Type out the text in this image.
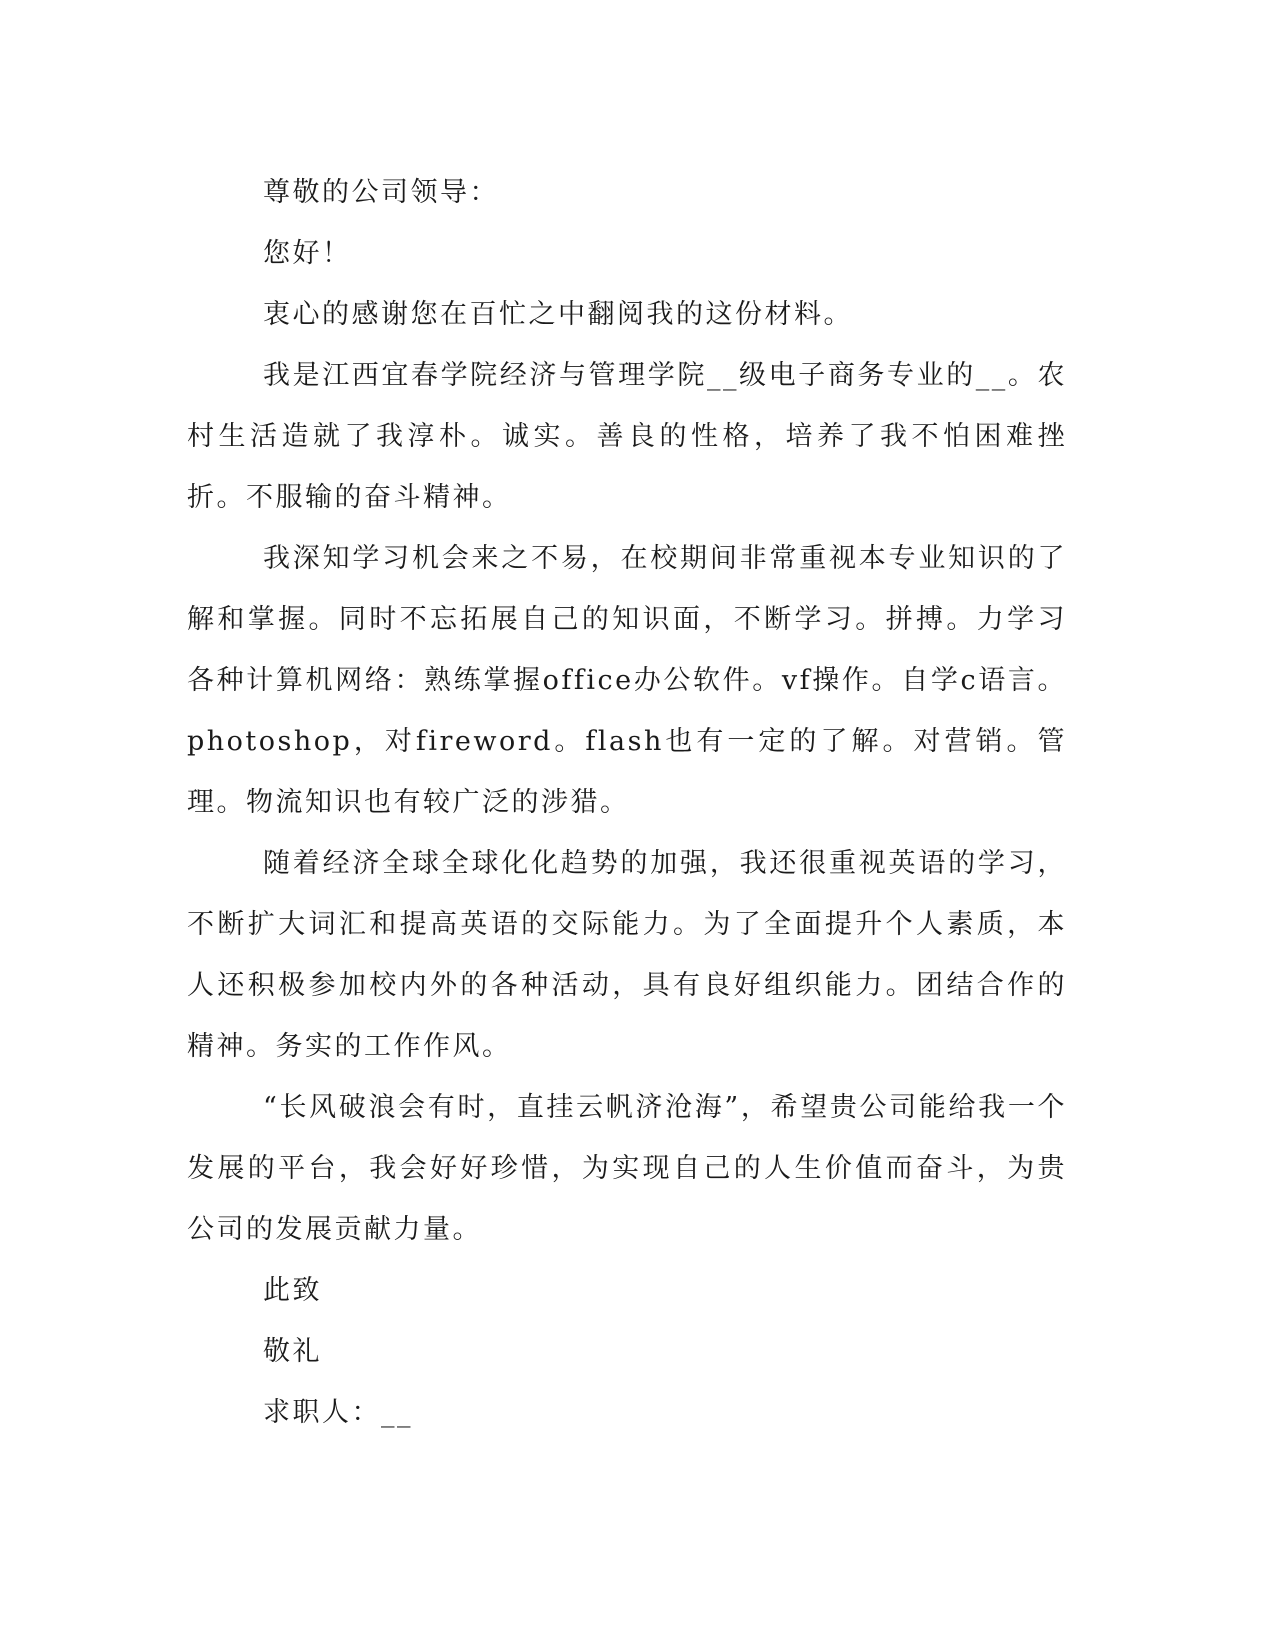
尊敬的公司领导：

您好！

衷心的感谢您在百忙之中翻阅我的这份材料。

我是江西宜春学院经济与管理学院__级电子商务专业的__。农村生活造就了我淳朴。诚实。善良的性格，培养了我不怕困难挫折。不服输的奋斗精神。

我深知学习机会来之不易，在校期间非常重视本专业知识的了解和掌握。同时不忘拓展自己的知识面，不断学习。拼搏。力学习各种计算机网络：熟练掌握office办公软件。vf操作。自学c语言。photoshop，对fireword。flash也有一定的了解。对营销。管理。物流知识也有较广泛的涉猎。

随着经济全球全球化化趋势的加强，我还很重视英语的学习，不断扩大词汇和提高英语的交际能力。为了全面提升个人素质，本人还积极参加校内外的各种活动，具有良好组织能力。团结合作的精神。务实的工作作风。

“长风破浪会有时，直挂云帆济沧海”，希望贵公司能给我一个发展的平台，我会好好珍惜，为实现自己的人生价值而奋斗，为贵公司的发展贡献力量。

此致

敬礼

求职人：__
